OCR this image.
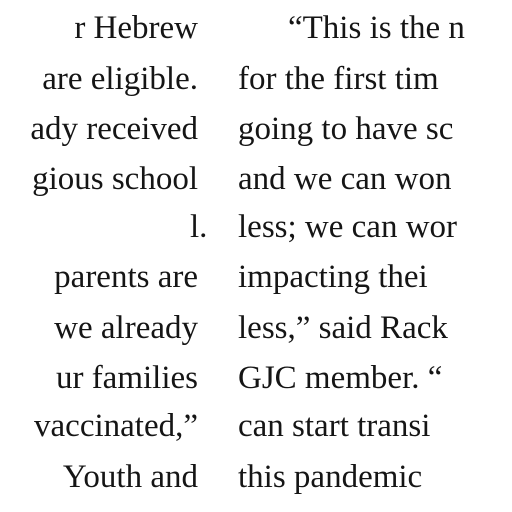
r Hebrew
are eligible.
ady received
gious school
l.
parents are
we already
ur families
vaccinated,”
Youth and
“This is the n
for the first tim
going to have sc
and we can won
less; we can wor
impacting thei
less,” said Rack
GJC member. “
can start transi
this pandemic
